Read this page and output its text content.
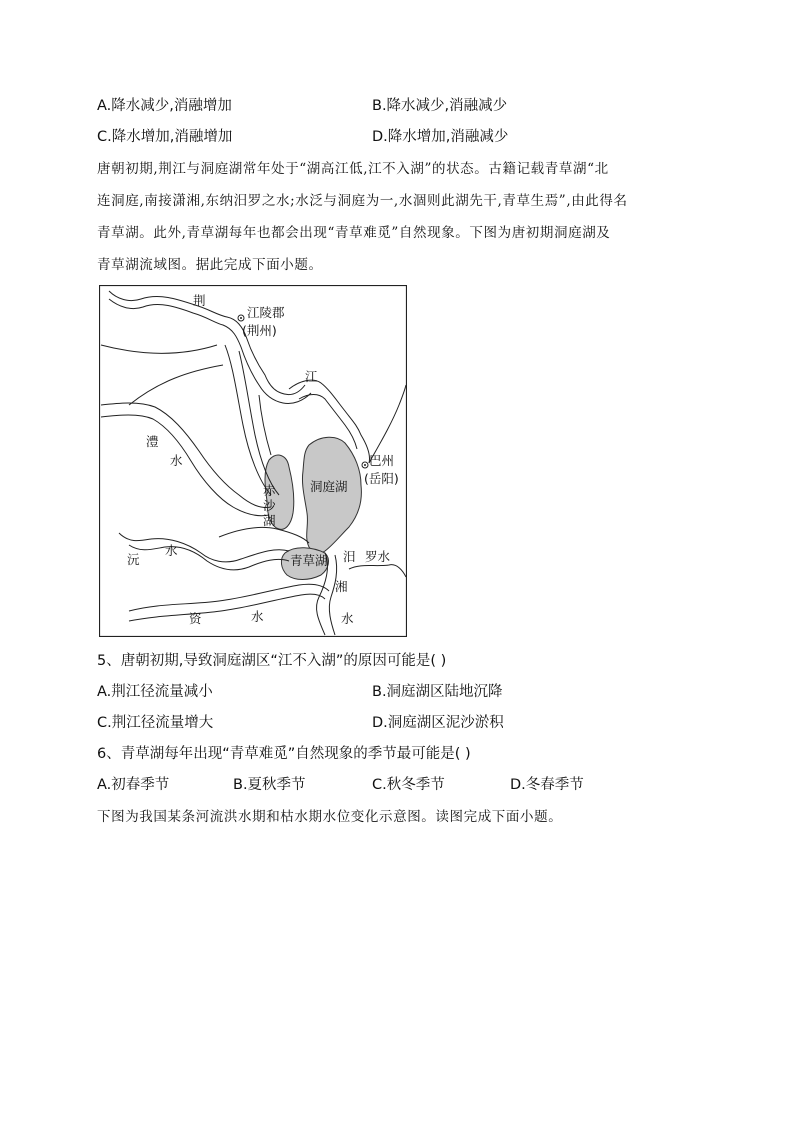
A.降水减少,消融增加	B.降水减少,消融减少
C.降水增加,消融增加	D.降水增加,消融减少
唐朝初期,荆江与洞庭湖常年处于“湖高江低,江不入湖”的状态。古籍记载青草湖“北
连洞庭,南接潇湘,东纳汨罗之水;水泛与洞庭为一,水涸则此湖先干,青草生焉”,由此得名
青草湖。此外,青草湖每年也都会出现“青草难觅”自然现象。下图为唐初期洞庭湖及
青草湖流域图。据此完成下面小题。
荆
江陵郡
(荆州)
江
澧
水
赤
沙
湖
洞庭湖
巴州
(岳阳)
沅
水
青草湖 汨 罗水
湘
水
资	水
5、唐朝初期,导致洞庭湖区“江不入湖”的原因可能是( )
A.荆江径流量减小	B.洞庭湖区陆地沉降
C.荆江径流量增大	D.洞庭湖区泥沙淤积
6、青草湖每年出现“青草难觅”自然现象的季节最可能是( )
A.初春季节	B.夏秋季节	C.秋冬季节	D.冬春季节
下图为我国某条河流洪水期和枯水期水位变化示意图。读图完成下面小题。
